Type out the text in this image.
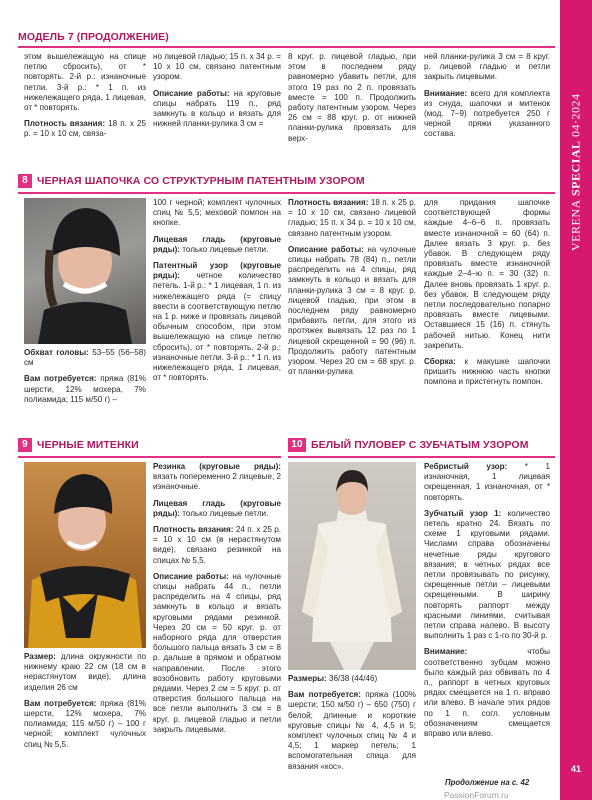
VERENA

SPECIAL

04·2024
МОДЕЛЬ 7 (ПРОДОЛЖЕНИЕ)

этом вышележащую на спице петлю сбросить), от * повторять. 2-й р.: изнаночные петли. 3-й р.: * 1 п. из нижележащего ряда, 1 лицевая, от * повторять.

Плотность вязания: 18 п. х 25 р. = 10 х 10 см, связа-

но лицевой гладью; 15 п. х 34 р. = 10 х 10 см, связано патентным узором.

Описание работы: на круговые спицы набрать 119 п., ряд замкнуть в кольцо и вязать для нижней планки-рулика 3 см =

8 круг. р. лицевой гладью, при этом в последнем ряду равномерно убавить петли, для этого 19 раз по 2 п. провязать вместе = 100 п. Продолжить работу патентным узором. Через 26 см = 88 круг. р. от нижней планки-рулика провязать для верх-

ней планки-рулика 3 см = 8 круг. р. лицевой гладью и петли закрыть лицевыми.

Внимание: всего для комплекта из снуда, шапочки и митенок (мод. 7–9) потребуется 250 г черной пряжи указанного состава.

8 ЧЕРНАЯ ШАПОЧКА СО СТРУКТУРНЫМ ПАТЕНТНЫМ УЗОРОМ

Обхват головы: 53–55 (56–58) см

Вам потребуется: пряжа (81% шерсти, 12% мохера, 7% полиамида; 115 м/50 г) –

100 г черной; комплект чулочных спиц № 5,5; меховой помпон на кнопке.

Лицевая гладь (круговые ряды): только лицевые петли.

Патентный узор (круговые ряды): четное количество петель. 1-й р.: * 1 лицевая, 1 п. из нижележащего ряда (= спицу ввести в соответствующую петлю на 1 р. ниже и провязать лицевой обычным способом, при этом вышележащую на спице петлю сбросить), от * повторять. 2-й р.: изнаночные петли. 3-й р.: * 1 п. из нижележащего ряда, 1 лицевая, от * повторять.

Плотность вязания: 18 п. х 25 р. = 10 х 10 см, связано лицевой гладью; 15 п. х 34 р. = 10 х 10 см, связано патентным узором.

Описание работы: на чулочные спицы набрать 78 (84) п., петли распределить на 4 спицы, ряд замкнуть в кольцо и вязать для планки-рулика 3 см = 8 круг. р. лицевой гладью, при этом в последнем ряду равномерно прибавить петли, для этого из протяжек вывязать 12 раз по 1 лицевой скрещенной = 90 (96) п. Продолжить работу патентным узором. Через 20 см = 68 круг. р. от планки-рулика

для придания шапочке соответствующей формы каждые 4–6–6 п. провязать вместе изнаночной = 60 (64) п. Далее вязать 3 круг. р. без убавок. В следующем ряду провязать вместе изнаночной каждые 2–4–ю п. = 30 (32) п. Далее вновь провязать 1 круг. р. без убавок. В следующем ряду петли последовательно попарно провязать вместе лицевыми. Оставшиеся 15 (16) п. стянуть рабочей нитью. Конец нити закрепить.

Сборка: к макушке шапочки пришить нижнюю часть кнопки помпона и пристегнуть помпон.

9 ЧЕРНЫЕ МИТЕНКИ

Размер: длина окружности по нижнему краю 22 см (18 см в нерастянутом виде), длина изделия 26 см

Вам потребуется: пряжа (81% шерсти, 12% мохера, 7% полиамида; 115 м/50 г) – 100 г черной; комплект чулочных спиц № 5,5.

Резинка (круговые ряды): вязать попеременно 2 лицевые, 2 изнаночные.

Лицевая гладь (круговые ряды): только лицевые петли.

Плотность вязания: 24 п. х 25 р. = 10 х 10 см (в нерастянутом виде), связано резинкой на спицах № 5,5.

Описание работы: на чулочные спицы набрать 44 п., петли распределить на 4 спицы, ряд замкнуть в кольцо и вязать круговыми рядами резинкой. Через 20 см = 50 круг. р. от наборного ряда для отверстия большого пальца вязать 3 см = 8 р. дальше в прямом и обратном направлении. После этого возобновить работу круговыми рядами. Через 2 см = 5 круг. р. от отверстия большого пальца на все петли выполнить 3 см = 8 круг. р. лицевой гладью и петли закрыть лицевыми.

10 БЕЛЫЙ ПУЛОВЕР С ЗУБЧАТЫМ УЗОРОМ

Размеры: 36/38 (44/46)

Вам потребуется: пряжа (100% шерсти; 150 м/50 г) – 650 (750) г белой; длинные и короткие круговые спицы № 4, 4,5 и 5; комплект чулочных спиц № 4 и 4,5; 1 маркер петель; 1 вспомогательная спица для вязания «кос».

Ребристый узор: * 1 изнаночная, 1 лицевая скрещенная, 1 изнаночная, от * повторять.

Зубчатый узор 1: количество петель кратно 24. Вязать по схеме 1 круговыми рядами. Числами справа обозначены нечетные ряды кругового вязания; в четных рядах все петли провязывать по рисунку, скрещенные петли – лицевыми скрещенными. В ширину повторять раппорт между красными линиями, считывая петли справа налево. В высоту выполнить 1 раз с 1-го по 30-й р.

Внимание: чтобы соответственно зубцам можно было каждый раз обвивать по 4 п., раппорт в четных круговых рядах смещается на 1 п. вправо или влево. В начале этих рядов по 1 п. согл. условным обозначениям смещается вправо или влево.

Продолжение на с. 42
41
PassionForum.ru
